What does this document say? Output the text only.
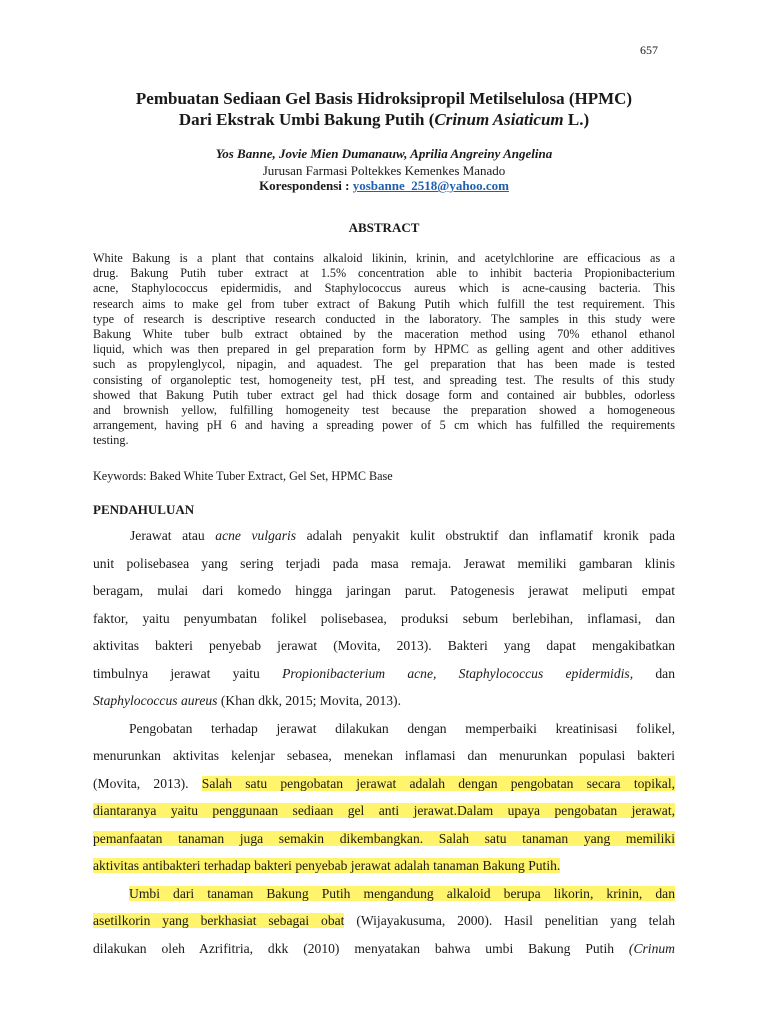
657
Pembuatan Sediaan Gel Basis Hidroksipropil Metilselulosa (HPMC)
Dari Ekstrak Umbi Bakung Putih (Crinum Asiaticum L.)
Yos Banne, Jovie Mien Dumanauw, Aprilia Angreiny Angelina
Jurusan Farmasi Poltekkes Kemenkes Manado
Korespondensi : yosbanne_2518@yahoo.com
ABSTRACT
White Bakung is a plant that contains alkaloid likinin, krinin, and acetylchlorine are efficacious as a
drug. Bakung Putih tuber extract at 1.5% concentration able to inhibit bacteria Propionibacterium
acne, Staphylococcus epidermidis, and Staphylococcus aureus which is acne-causing bacteria. This
research aims to make gel from tuber extract of Bakung Putih which fulfill the test requirement. This
type of research is descriptive research conducted in the laboratory. The samples in this study were
Bakung White tuber bulb extract obtained by the maceration method using 70% ethanol ethanol
liquid, which was then prepared in gel preparation form by HPMC as gelling agent and other additives
such as propylenglycol, nipagin, and aquadest. The gel preparation that has been made is tested
consisting of organoleptic test, homogeneity test, pH test, and spreading test. The results of this study
showed that Bakung Putih tuber extract gel had thick dosage form and contained air bubbles, odorless
and brownish yellow, fulfilling homogeneity test because the preparation showed a homogeneous
arrangement, having pH 6 and having a spreading power of 5 cm which has fulfilled the requirements
testing.
Keywords: Baked White Tuber Extract, Gel Set, HPMC Base
PENDAHULUAN
Jerawat atau acne vulgaris adalah penyakit kulit obstruktif dan inflamatif kronik pada
unit polisebasea yang sering terjadi pada masa remaja. Jerawat memiliki gambaran klinis
beragam, mulai dari komedo hingga jaringan parut. Patogenesis jerawat meliputi empat
faktor, yaitu penyumbatan folikel polisebasea, produksi sebum berlebihan, inflamasi, dan
aktivitas bakteri penyebab jerawat (Movita, 2013). Bakteri yang dapat mengakibatkan
timbulnya jerawat yaitu Propionibacterium acne, Staphylococcus epidermidis, dan
Staphylococcus aureus (Khan dkk, 2015; Movita, 2013).
Pengobatan terhadap jerawat dilakukan dengan memperbaiki kreatinisasi folikel,
menurunkan aktivitas kelenjar sebasea, menekan inflamasi dan menurunkan populasi bakteri
(Movita, 2013). Salah satu pengobatan jerawat adalah dengan pengobatan secara topikal,
diantaranya yaitu penggunaan sediaan gel anti jerawat.Dalam upaya pengobatan jerawat,
pemanfaatan tanaman juga semakin dikembangkan. Salah satu tanaman yang memiliki
aktivitas antibakteri terhadap bakteri penyebab jerawat adalah tanaman Bakung Putih.
Umbi dari tanaman Bakung Putih mengandung alkaloid berupa likorin, krinin, dan
asetilkorin yang berkhasiat sebagai obat (Wijayakusuma, 2000). Hasil penelitian yang telah
dilakukan oleh Azrifitria, dkk (2010) menyatakan bahwa umbi Bakung Putih (Crinum
